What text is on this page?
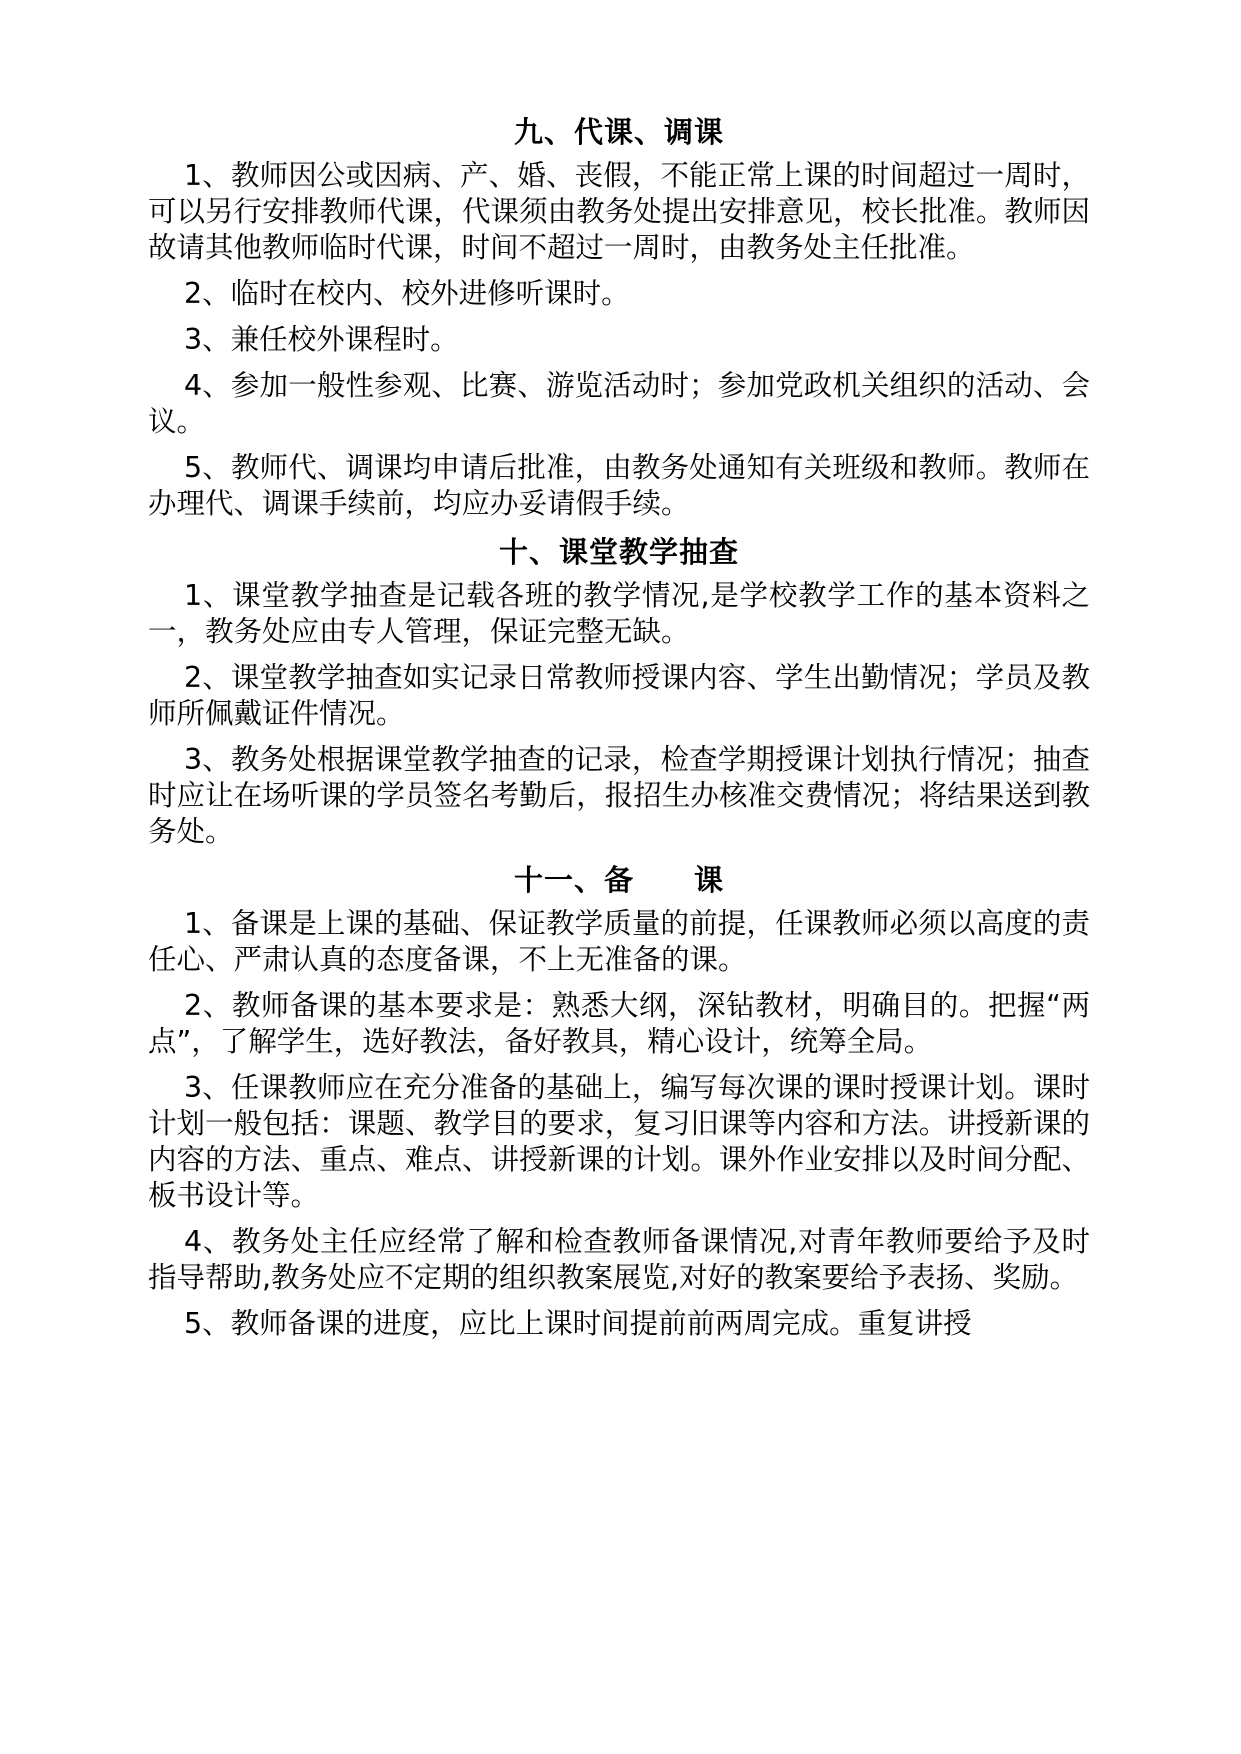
九、代课、调课

1、教师因公或因病、产、婚、丧假，不能正常上课的时间超过一周时，可以另行安排教师代课，代课须由教务处提出安排意见，校长批准。教师因故请其他教师临时代课，时间不超过一周时，由教务处主任批准。

2、临时在校内、校外进修听课时。

3、兼任校外课程时。

4、参加一般性参观、比赛、游览活动时；参加党政机关组织的活动、会议。

5、教师代、调课均申请后批准，由教务处通知有关班级和教师。教师在办理代、调课手续前，均应办妥请假手续。

十、课堂教学抽查

1、课堂教学抽查是记载各班的教学情况,是学校教学工作的基本资料之一，教务处应由专人管理，保证完整无缺。

2、课堂教学抽查如实记录日常教师授课内容、学生出勤情况；学员及教师所佩戴证件情况。

3、教务处根据课堂教学抽查的记录，检查学期授课计划执行情况；抽查时应让在场听课的学员签名考勤后，报招生办核准交费情况；将结果送到教务处。

十一、备　　课

1、备课是上课的基础、保证教学质量的前提，任课教师必须以高度的责任心、严肃认真的态度备课，不上无准备的课。

2、教师备课的基本要求是：熟悉大纲，深钻教材，明确目的。把握“两点”，了解学生，选好教法，备好教具，精心设计，统筹全局。

3、任课教师应在充分准备的基础上，编写每次课的课时授课计划。课时计划一般包括：课题、教学目的要求，复习旧课等内容和方法。讲授新课的内容的方法、重点、难点、讲授新课的计划。课外作业安排以及时间分配、板书设计等。

4、教务处主任应经常了解和检查教师备课情况,对青年教师要给予及时指导帮助,教务处应不定期的组织教案展览,对好的教案要给予表扬、奖励。

5、教师备课的进度，应比上课时间提前前两周完成。重复讲授
